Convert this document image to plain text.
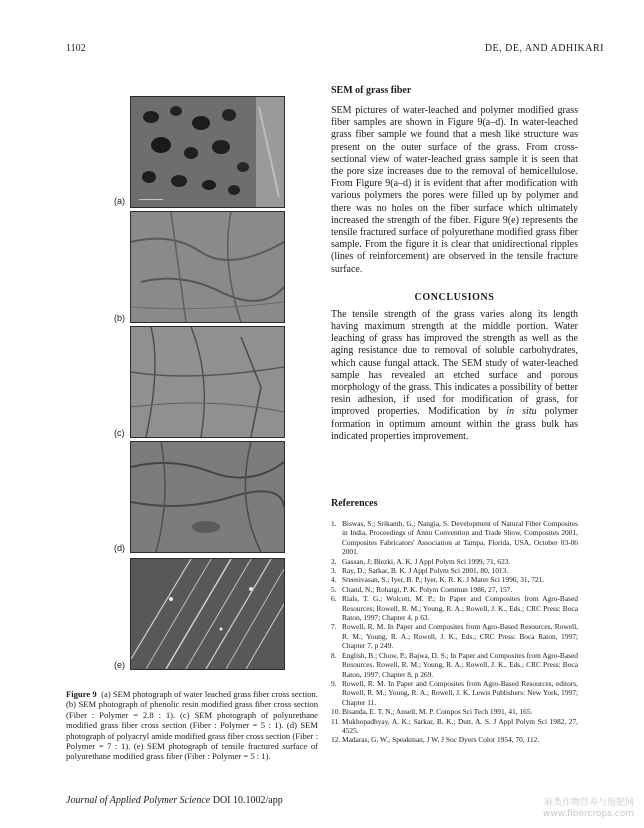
1102	DE, DE, AND ADHIKARI
━━━━━━━━━━
(a)
(b)
(c)
(d)
(e)
Figure 9 (a) SEM photograph of water leached grass fiber cross section. (b) SEM photograph of phenolic resin modified grass fiber cross section (Fiber : Polymer = 2.8 : 1). (c) SEM photograph of polyurethane modified grass fiber cross section (Fiber : Polymer = 5 : 1). (d) SEM photograph of polyacryl amide modified grass fiber cross section (Fiber : Polymer = 7 : 1). (e) SEM photograph of tensile fractured surface of polyurethane modified grass fiber (Fiber : Polymer = 5 : 1).
SEM of grass fiber

SEM pictures of water-leached and polymer modified grass fiber samples are shown in Figure 9(a–d). In water-leached grass fiber sample we found that a mesh like structure was present on the outer surface of the grass. From cross-sectional view of water-leached grass sample it is seen that the pore size increases due to the removal of hemicellulose. From Figure 9(a–d) it is evident that after modification with various polymers the pores were filled up by polymer and there was no holes on the fiber surface which ultimately increased the strength of the fiber. Figure 9(e) represents the tensile fractured surface of polyurethane modified grass fiber sample. From the figure it is clear that unidirectional ripples (lines of reinforcement) are observed in the tensile fracture surface.

CONCLUSIONS

The tensile strength of the grass varies along its length having maximum strength at the middle portion. Water leaching of grass has improved the strength as well as the aging resistance due to removal of soluble carbohydrates, which cause fungal attack. The SEM study of water-leached sample has revealed an etched surface and porous morphology of the grass. This indicates a possibility of better resin adhesion, if used for modification of grass, for improved properties. Modification by in situ polymer formation in optimum amount within the grass bulk has indicated properties improvement.

References
1. Biswas, S.; Srikanth, G.; Nangia, S. Development of Natural Fiber Composites in India, Proceedings of Annu Convention and Trade Show, Composites 2001, Composites Fabricators' Association at Tampa, Florida, USA, October 03-06 2001.
2. Gassan, J; Blezki, A. K. J Appl Polym Sci 1999, 71, 623.
3. Ray, D.; Sarkar, B. K. J Appl Polym Sci 2001, 80, 1013.
4. Sreenivasan, S.; Iyer, B. P.; Iyer, K. R. K. J Mater Sci 1996, 31, 721.
5. Chand, N.; Rohatgi, P. K. Polym Commun 1986, 27, 157.
6. Rials, T. G.; Wolcott, M. P.; In Paper and Composites from Agro-Based Resources; Rowell, R. M.; Young, R. A.; Rowell, J. K., Eds.; CRC Press: Boca Raton, 1997; Chapter 4, p 63.
7. Rowell, R. M. In Paper and Composites from Agro-Based Resources, Rowell, R. M.; Young, R. A.; Rowell, J. K., Eds.; CRC Press: Boca Raton, 1997; Chapter 7, p 249.
8. English, B.; Chow, P.; Bajwa, D. S.; In Paper and Composites from Agro-Based Resources, Rowell, R. M.; Young, R. A.; Rowell, J. K., Eds.; CRC Press: Boca Raton, 1997; Chapter 8, p 269.
9. Rowell, R. M. In Paper and Composites from Agro-Based Resources, editors, Rowell, R. M.; Young, R. A.; Rowell, J. K. Lewis Publishers: New York, 1997; Chapter 11.
10. Bisanda, E. T. N.; Ansell, M. P. Compos Sci Tech 1991, 41, 165.
11. Mukhopadhyay, A. K.; Sarkar, B. K.; Dutt, A. S. J Appl Polym Sci 1982, 27, 4525.
12. Madaras, G. W.; Speakman, J W. J Soc Dyers Color 1954, 70, 112.
Journal of Applied Polymer Science DOI 10.1002/app	麻类作物营养与施肥网
www.fibercrops.com
